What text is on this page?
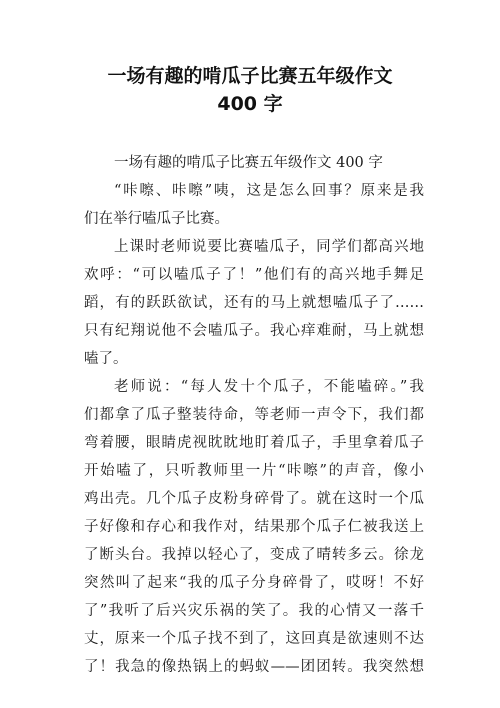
一场有趣的啃瓜子比赛五年级作文
400 字
一场有趣的啃瓜子比赛五年级作文 400 字
“咔嚓、咔嚓”咦，这是怎么回事？原来是我
们在举行嗑瓜子比赛。
上课时老师说要比赛嗑瓜子，同学们都高兴地
欢呼：“可以嗑瓜子了！”他们有的高兴地手舞足
蹈，有的跃跃欲试，还有的马上就想嗑瓜子了……
只有纪翔说他不会嗑瓜子。我心痒难耐，马上就想
嗑了。
老师说：“每人发十个瓜子，不能嗑碎。”我
们都拿了瓜子整装待命，等老师一声令下，我们都
弯着腰，眼睛虎视眈眈地盯着瓜子，手里拿着瓜子
开始嗑了，只听教师里一片“咔嚓”的声音，像小
鸡出壳。几个瓜子皮粉身碎骨了。就在这时一个瓜
子好像和存心和我作对，结果那个瓜子仁被我送上
了断头台。我掉以轻心了，变成了晴转多云。徐龙
突然叫了起来“我的瓜子分身碎骨了，哎呀！不好
了”我听了后兴灾乐祸的笑了。我的心情又一落千
丈，原来一个瓜子找不到了，这回真是欲速则不达
了！我急的像热锅上的蚂蚁——团团转。我突然想
